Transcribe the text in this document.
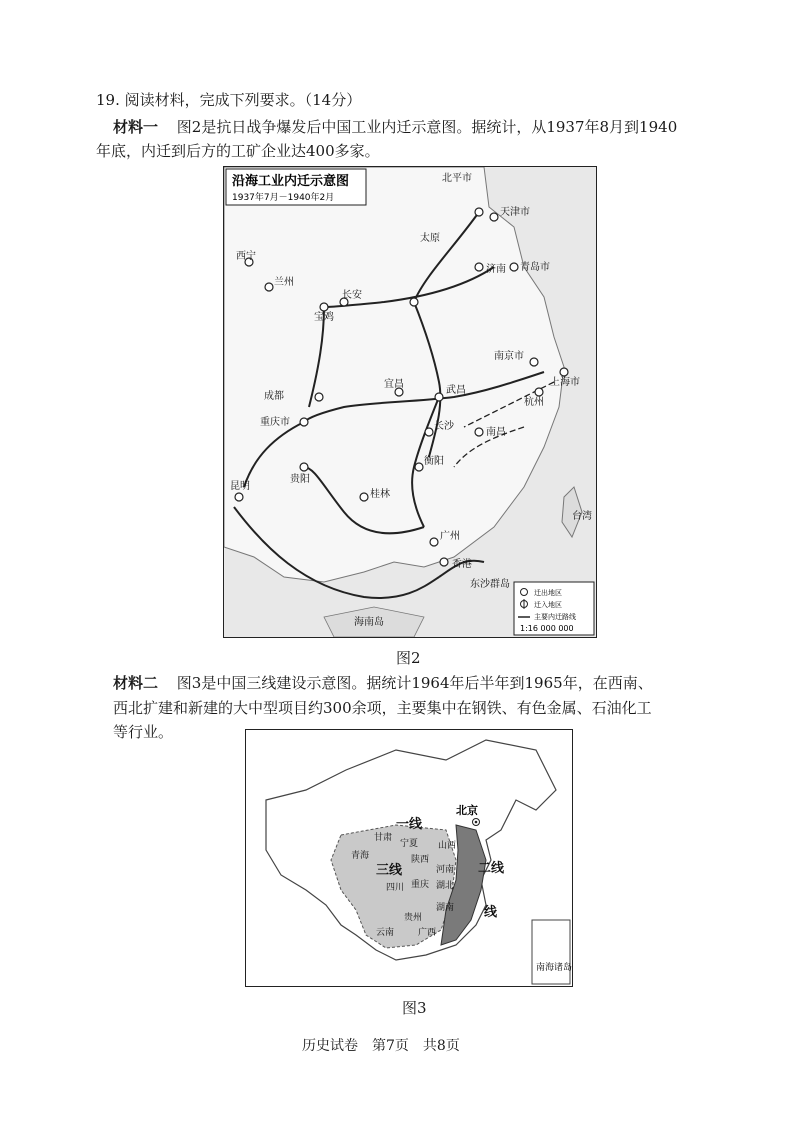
19. 阅读材料，完成下列要求。（14分）
材料一 图2是抗日战争爆发后中国工业内迁示意图。据统计，从1937年8月到1940
年底，内迁到后方的工矿企业达400多家。
沿海工业内迁示意图
1937年7月－1940年2月
北平市
天津市
青岛市
济南
太原
长安
宝鸡
成都
重庆市
宜昌
武昌
长沙
衡阳
桂林
广州
香港
南京市
上海市
杭州
南昌
昆明
贵阳
西宁
兰州
海南岛
东沙群岛
台湾
迁出地区
迁入地区
主要内迁路线
1:16 000 000
图2
材料二 图3是中国三线建设示意图。据统计1964年后半年到1965年，在西南、
西北扩建和新建的大中型项目约300余项，主要集中在钢铁、有色金属、石油化工
等行业。
南海诸岛
北京
甘肃
宁夏
青海	陕西
山西
河南
四川 重庆 湖北
湖南
贵州
云南	广西
一线
二线
三线
线
图3
历史试卷　第7页　共8页
